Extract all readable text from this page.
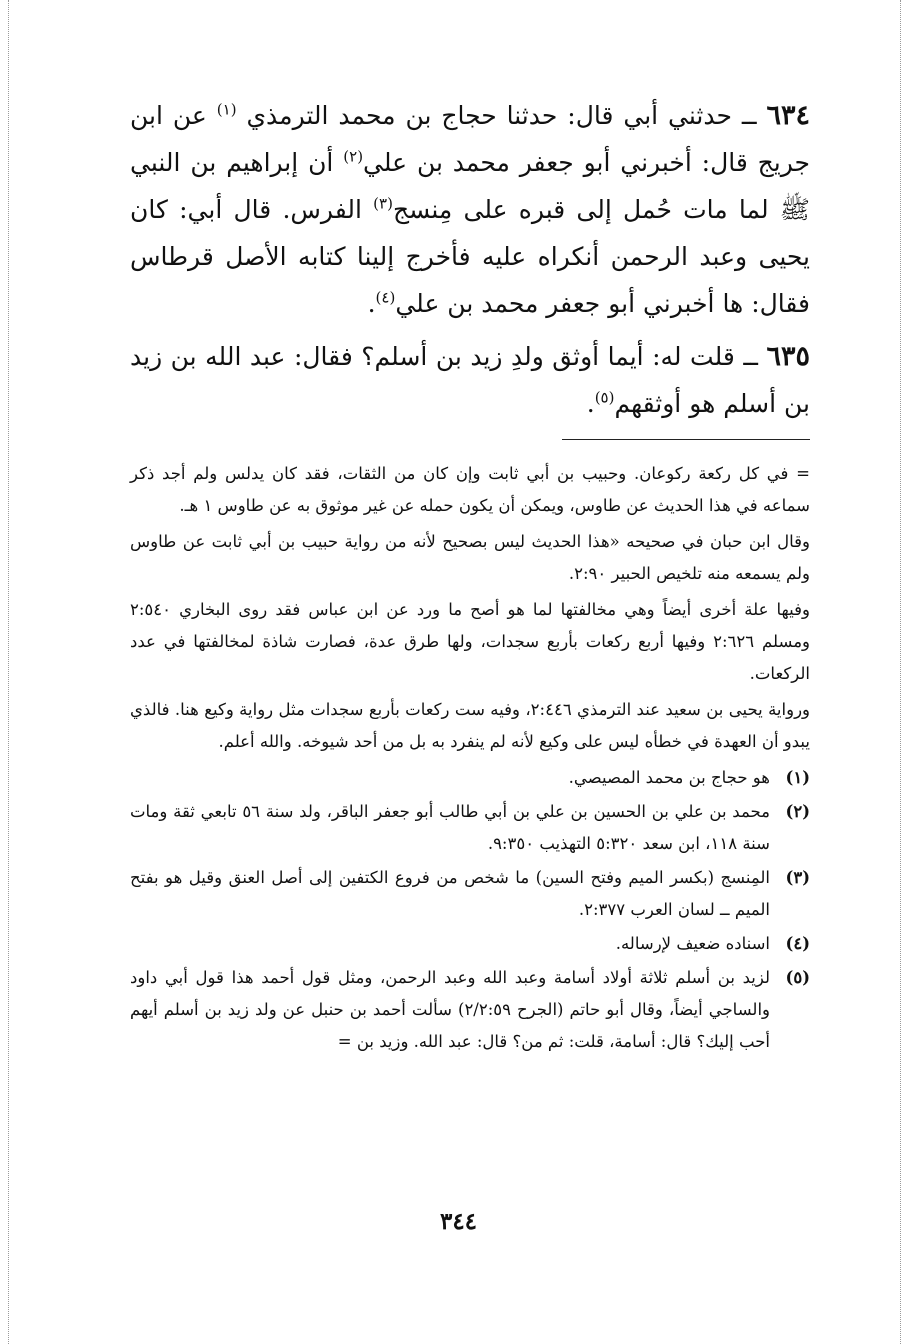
٦٣٤ ــ حدثني أبي قال: حدثنا حجاج بن محمد الترمذي $^{(١)}$ عن ابن جريج قال: أخبرني أبو جعفر محمد بن علي$^{(٢)}$ أن إبراهيم بن النبي ﷺ لما مات حُمل إلى قبره على مِنسج$^{(٣)}$ الفرس. قال أبي: كان يحيى وعبد الرحمن أنكراه عليه فأخرج إلينا كتابه الأصل قرطاس فقال: ها أخبرني أبو جعفر محمد بن علي$^{(٤)}$.

٦٣٥ ــ قلت له: أيما أوثق ولدِ زيد بن أسلم؟ فقال: عبد الله بن زيد بن أسلم هو أوثقهم$^{(٥)}$.

= في كل ركعة ركوعان. وحبيب بن أبي ثابت وإن كان من الثقات، فقد كان يدلس ولم أجد ذكر سماعه في هذا الحديث عن طاوس، ويمكن أن يكون حمله عن غير موثوق به عن طاوس ١ هـ.

وقال ابن حبان في صحيحه «هذا الحديث ليس بصحيح لأنه من رواية حبيب بن أبي ثابت عن طاوس ولم يسمعه منه تلخيص الحبير ٢:٩٠.

وفيها علة أخرى أيضاً وهي مخالفتها لما هو أصح ما ورد عن ابن عباس فقد روى البخاري ٢:٥٤٠ ومسلم ٢:٦٢٦ وفيها أربع ركعات بأربع سجدات، ولها طرق عدة، فصارت شاذة لمخالفتها في عدد الركعات.

ورواية يحيى بن سعيد عند الترمذي ٢:٤٤٦، وفيه ست ركعات بأربع سجدات مثل رواية وكيع هنا. فالذي يبدو أن العهدة في خطأه ليس على وكيع لأنه لم ينفرد به بل من أحد شيوخه. والله أعلم.

(١)
هو حجاج بن محمد المصيصي.
(٢)
محمد بن علي بن الحسين بن علي بن أبي طالب أبو جعفر الباقر، ولد سنة ٥٦ تابعي ثقة ومات سنة ١١٨، ابن سعد ٥:٣٢٠ التهذيب ٩:٣٥٠.
(٣)
المِنسج (بكسر الميم وفتح السين) ما شخص من فروع الكتفين إلى أصل العنق وقيل هو بفتح الميم ــ لسان العرب ٢:٣٧٧.
(٤)
اسناده ضعيف لإرساله.
(٥)
لزيد بن أسلم ثلاثة أولاد أسامة وعبد الله وعبد الرحمن، ومثل قول أحمد هذا قول أبي داود والساجي أيضاً، وقال أبو حاتم (الجرح ٢/٢:٥٩) سألت أحمد بن حنبل عن ولد زيد بن أسلم أيهم أحب إليك؟ قال: أسامة، قلت: ثم من؟ قال: عبد الله. وزيد بن =
٣٤٤
